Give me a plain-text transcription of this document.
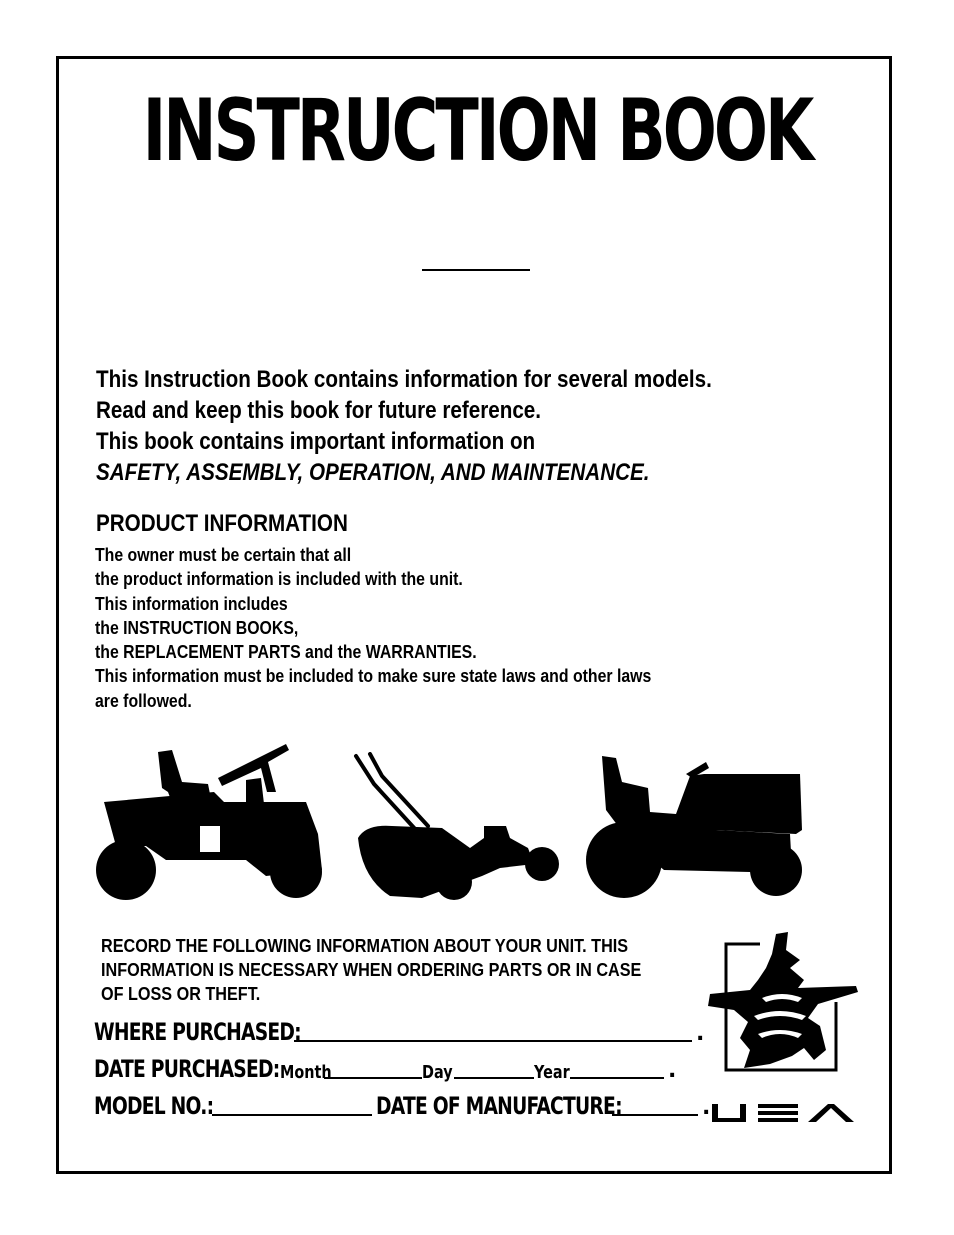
INSTRUCTION BOOK
This Instruction Book contains information for several models.
Read and keep this book for future reference.
This book contains important information on
SAFETY, ASSEMBLY, OPERATION, AND MAINTENANCE.
PRODUCT INFORMATION
The owner must be certain that all
the product information is included with the unit.
This information includes
the INSTRUCTION BOOKS,
the REPLACEMENT PARTS and the WARRANTIES.
This information must be included to make sure state laws and other laws
are followed.
RECORD THE FOLLOWING INFORMATION ABOUT YOUR UNIT. THIS
INFORMATION IS NECESSARY WHEN ORDERING PARTS OR IN CASE
OF LOSS OR THEFT.
WHERE PURCHASED:	.
DATE PURCHASED: Month	Day	Year	.
MODEL NO.:	DATE OF MANUFACTURE:	.
